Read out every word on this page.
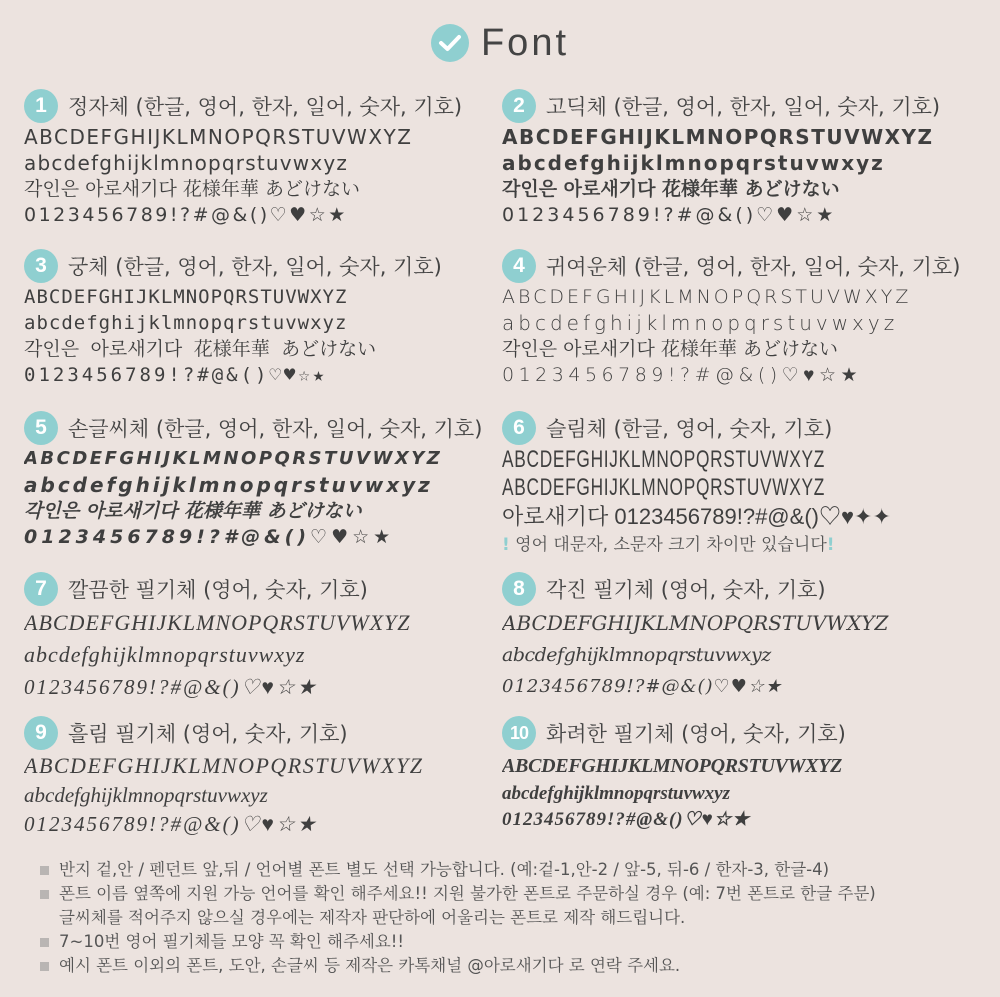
Font
1	정자체 (한글, 영어, 한자, 일어, 숫자, 기호)
ABCDEFGHIJKLMNOPQRSTUVWXYZ
abcdefghijklmnopqrstuvwxyz
각인은 아로새기다 花様年華 あどけない
0123456789!?#@&()♡♥☆★
2	고딕체 (한글, 영어, 한자, 일어, 숫자, 기호)
ABCDEFGHIJKLMNOPQRSTUVWXYZ
abcdefghijklmnopqrstuvwxyz
각인은 아로새기다 花様年華 あどけない
0123456789!?#@&()♡♥☆★
3	궁체 (한글, 영어, 한자, 일어, 숫자, 기호)
ABCDEFGHIJKLMNOPQRSTUVWXYZ
abcdefghijklmnopqrstuvwxyz
각인은 아로새기다 花様年華 あどけない
0123456789!?#@&()♡♥☆★
4	귀여운체 (한글, 영어, 한자, 일어, 숫자, 기호)
ABCDEFGHIJKLMNOPQRSTUVWXYZ
abcdefghijklmnopqrstuvwxyz
각인은 아로새기다 花様年華 あどけない
0123456789!?#@&()♡♥☆★
5	손글씨체 (한글, 영어, 한자, 일어, 숫자, 기호)
ABCDEFGHIJKLMNOPQRSTUVWXYZ
abcdefghijklmnopqrstuvwxyz
각인은 아로새기다 花様年華 あどけない
0123456789!?#@&()♡♥☆★
6	슬림체 (한글, 영어, 숫자, 기호)
ABCDEFGHIJKLMNOPQRSTUVWXYZ
ABCDEFGHIJKLMNOPQRSTUVWXYZ
아로새기다 0123456789!?#@&()♡♥✦✦
! 영어 대문자, 소문자 크기 차이만 있습니다!
7	깔끔한 필기체 (영어, 숫자, 기호)
ABCDEFGHIJKLMNOPQRSTUVWXYZ
abcdefghijklmnopqrstuvwxyz
0123456789!?#@&()♡♥☆★
8	각진 필기체 (영어, 숫자, 기호)
ABCDEFGHIJKLMNOPQRSTUVWXYZ
abcdefghijklmnopqrstuvwxyz
0123456789!?#@&()♡♥☆★
9	흘림 필기체 (영어, 숫자, 기호)
ABCDEFGHIJKLMNOPQRSTUVWXYZ
abcdefghijklmnopqrstuvwxyz
0123456789!?#@&()♡♥☆★
10 화려한 필기체 (영어, 숫자, 기호)
ABCDEFGHIJKLMNOPQRSTUVWXYZ
abcdefghijklmnopqrstuvwxyz
0123456789!?#@&()♡♥☆★
반지 겉,안 / 펜던트 앞,뒤 / 언어별 폰트 별도 선택 가능합니다. (예:겉-1,안-2 / 앞-5, 뒤-6 / 한자-3, 한글-4)
폰트 이름 옆쪽에 지원 가능 언어를 확인 해주세요!! 지원 불가한 폰트로 주문하실 경우 (예: 7번 폰트로 한글 주문)
글씨체를 적어주지 않으실 경우에는 제작자 판단하에 어울리는 폰트로 제작 해드립니다.
7~10번 영어 필기체들 모양 꼭 확인 해주세요!!
예시 폰트 이외의 폰트, 도안, 손글씨 등 제작은 카톡채널 @아로새기다 로 연락 주세요.
